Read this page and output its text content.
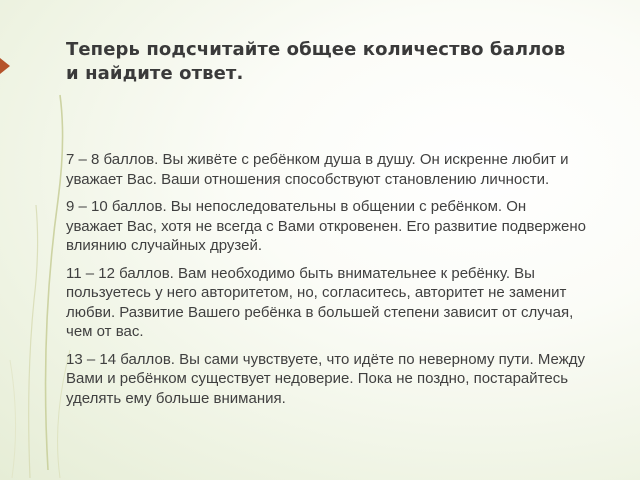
Теперь подсчитайте общее количество баллов
и найдите ответ.

7 – 8 баллов. Вы живёте с ребёнком душа в душу. Он искренне любит и уважает Вас. Ваши отношения способствуют становлению личности.

9 – 10 баллов. Вы непоследовательны в общении с ребёнком. Он уважает Вас, хотя не всегда с Вами откровенен. Его развитие подвержено влиянию случайных друзей.

11 – 12 баллов. Вам необходимо быть внимательнее к ребёнку. Вы пользуетесь у него авторитетом, но, согласитесь, авторитет не заменит любви. Развитие Вашего ребёнка в большей степени зависит от случая, чем от вас.

13 – 14 баллов. Вы сами чувствуете, что идёте по неверному пути. Между Вами и ребёнком существует недоверие. Пока не поздно, постарайтесь уделять ему больше внимания.
